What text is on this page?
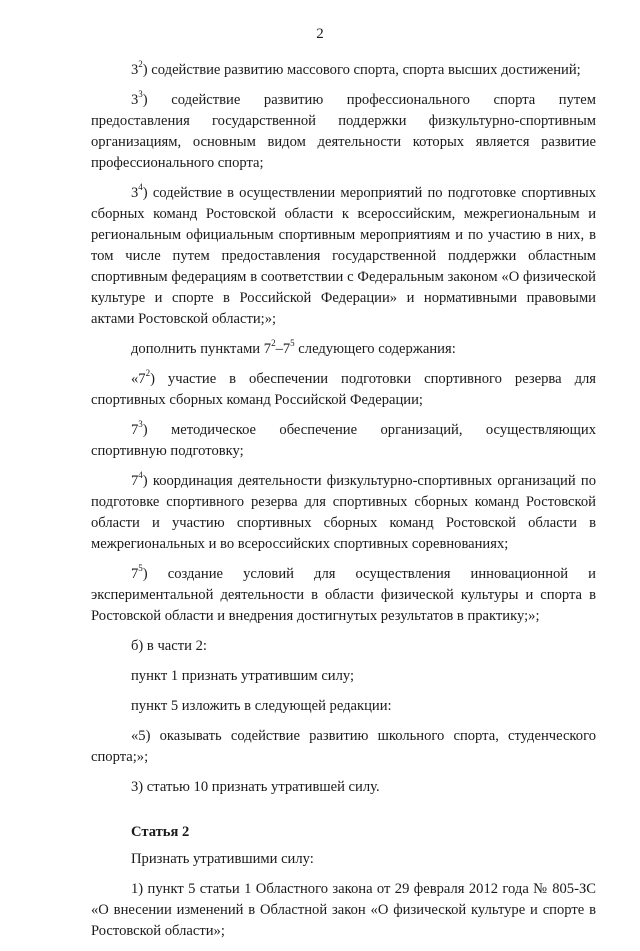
2

$3^2$) содействие развитию массового спорта, спорта высших достижений;

$3^3$) содействие развитию профессионального спорта путем предоставления государственной поддержки физкультурно-спортивным организациям, основным видом деятельности которых является развитие профессионального спорта;

$3^4$) содействие в осуществлении мероприятий по подготовке спортивных сборных команд Ростовской области к всероссийским, межрегиональным и региональным официальным спортивным мероприятиям и по участию в них, в том числе путем предоставления государственной поддержки областным спортивным федерациям в соответствии с Федеральным законом «О физической культуре и спорте в Российской Федерации» и нормативными правовыми актами Ростовской области;»;

дополнить пунктами $7^2-7^5$ следующего содержания:

«$7^2$) участие в обеспечении подготовки спортивного резерва для спортивных сборных команд Российской Федерации;

$7^3$) методическое обеспечение организаций, осуществляющих спортивную подготовку;

$7^4$) координация деятельности физкультурно-спортивных организаций по подготовке спортивного резерва для спортивных сборных команд Ростовской области и участию спортивных сборных команд Ростовской области в межрегиональных и во всероссийских спортивных соревнованиях;

$7^5$) создание условий для осуществления инновационной и экспериментальной деятельности в области физической культуры и спорта в Ростовской области и внедрения достигнутых результатов в практику;»;

б) в части 2:

пункт 1 признать утратившим силу;

пункт 5 изложить в следующей редакции:

«5) оказывать содействие развитию школьного спорта, студенческого спорта;»;

3) статью 10 признать утратившей силу.

Статья 2

Признать утратившими силу:

1) пункт 5 статьи 1 Областного закона от 29 февраля 2012 года № 805-ЗС «О внесении изменений в Областной закон «О физической культуре и спорте в Ростовской области»;
